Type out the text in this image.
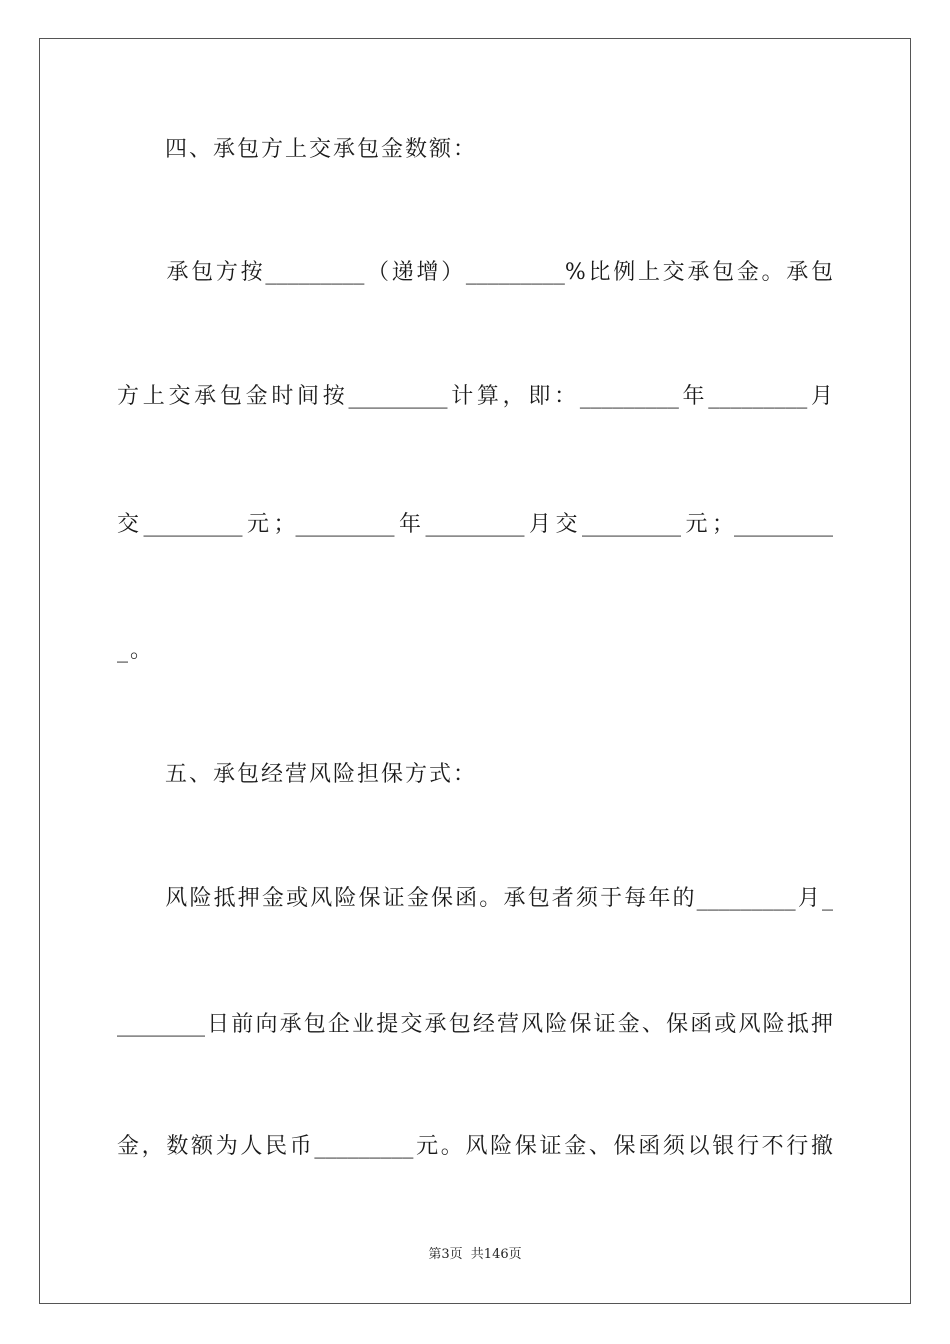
　　四、承包方上交承包金数额：
　　承包方按_________（递增）_________%比例上交承包金。承包
方上交承包金时间按_________计算，即：_________年_________月
交_________元；_________年_________月交_________元；_________
_。
　　五、承包经营风险担保方式：
　　风险抵押金或风险保证金保函。承包者须于每年的_________月_
________日前向承包企业提交承包经营风险保证金、保函或风险抵押
金，数额为人民币_________元。风险保证金、保函须以银行不行撤
第3页 共146页
